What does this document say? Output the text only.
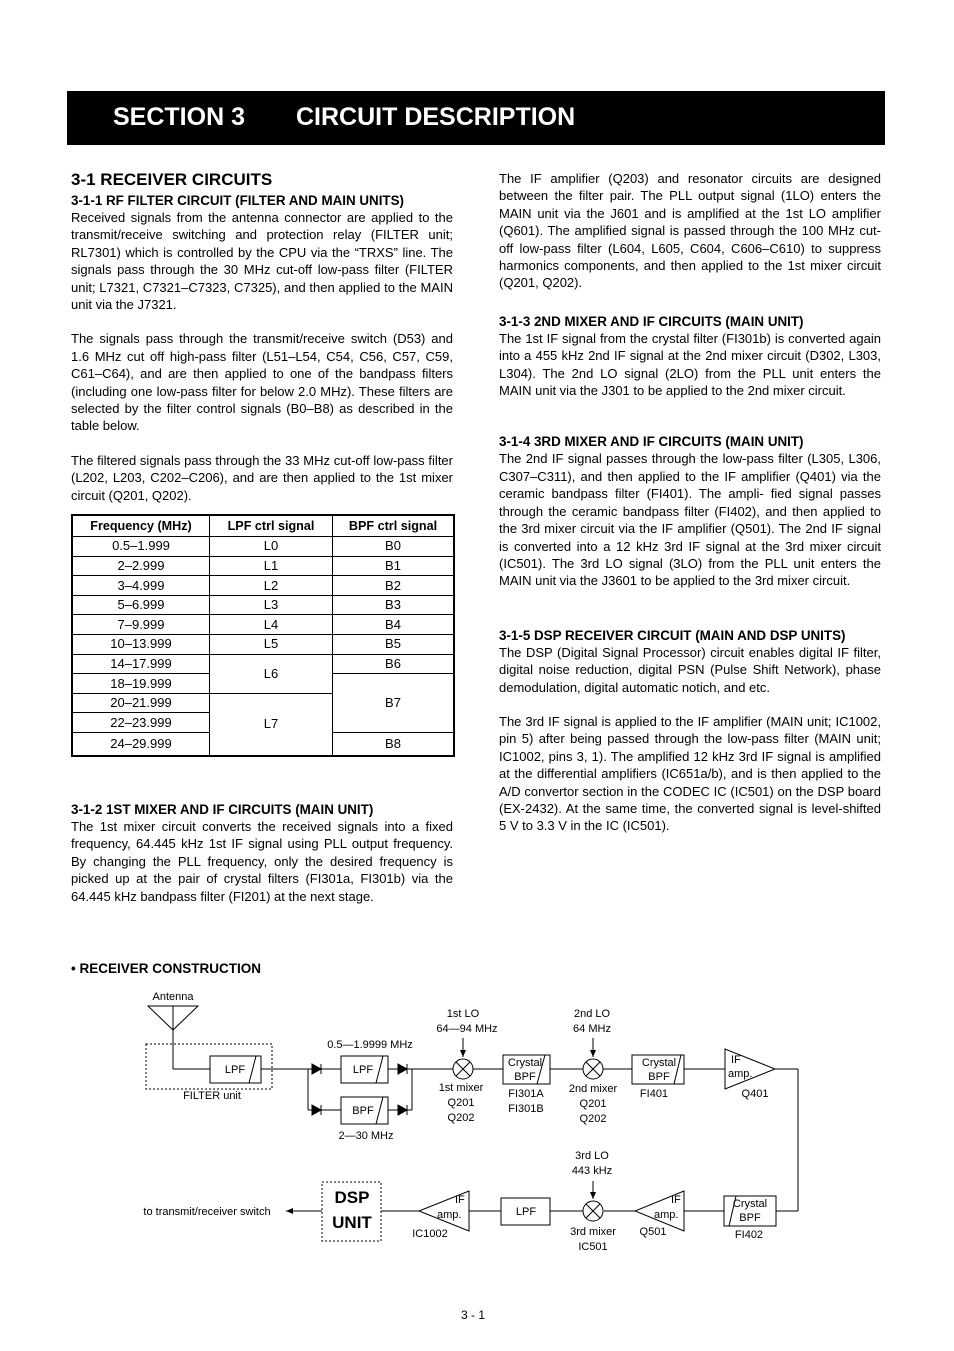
SECTION 3 CIRCUIT DESCRIPTION
3-1 RECEIVER CIRCUITS
3-1-1 RF FILTER CIRCUIT (FILTER AND MAIN UNITS)

Received signals from the antenna connector are applied to the transmit/receive switching and protection relay (FILTER unit; RL7301) which is controlled by the CPU via the “TRXS” line. The signals pass through the 30 MHz cut-off low-pass filter (FILTER unit; L7321, C7321–C7323, C7325), and then applied to the MAIN unit via the J7321.

The signals pass through the transmit/receive switch (D53) and 1.6 MHz cut off high-pass filter (L51–L54, C54, C56, C57, C59, C61–C64), and are then applied to one of the bandpass filters (including one low-pass filter for below 2.0 MHz). These filters are selected by the filter control signals (B0–B8) as described in the table below.

The filtered signals pass through the 33 MHz cut-off low-pass filter (L202, L203, C202–C206), and are then applied to the 1st mixer circuit (Q201, Q202).

Frequency (MHz)	LPF ctrl signal	BPF ctrl signal
0.5–1.999	L0	B0
2–2.999	L1	B1
3–4.999	L2	B2
5–6.999	L3	B3
7–9.999	L4	B4
10–13.999	L5	B5
14–17.999	L6	B6
18–19.999		B7
20–21.999	L7	
22–23.999		
24–29.999		B8
3-1-2 1ST MIXER AND IF CIRCUITS (MAIN UNIT)

The 1st mixer circuit converts the received signals into a fixed frequency, 64.445 kHz 1st IF signal using PLL output frequency. By changing the PLL frequency, only the desired frequency is picked up at the pair of crystal filters (FI301a, FI301b) via the 64.445 kHz bandpass filter (FI201) at the next stage.

The IF amplifier (Q203) and resonator circuits are designed between the filter pair. The PLL output signal (1LO) enters the MAIN unit via the J601 and is amplified at the 1st LO amplifier (Q601). The amplified signal is passed through the 100 MHz cut-off low-pass filter (L604, L605, C604, C606–C610) to suppress harmonics components, and then applied to the 1st mixer circuit (Q201, Q202).

3-1-3 2ND MIXER AND IF CIRCUITS (MAIN UNIT)

The 1st IF signal from the crystal filter (FI301b) is converted again into a 455 kHz 2nd IF signal at the 2nd mixer circuit (D302, L303, L304). The 2nd LO signal (2LO) from the PLL unit enters the MAIN unit via the J301 to be applied to the 2nd mixer circuit.

3-1-4 3RD MIXER AND IF CIRCUITS (MAIN UNIT)

The 2nd IF signal passes through the low-pass filter (L305, L306, C307–C311), and then applied to the IF amplifier (Q401) via the ceramic bandpass filter (FI401). The ampli- fied signal passes through the ceramic bandpass filter (FI402), and then applied to the 3rd mixer circuit via the IF amplifier (Q501). The 2nd IF signal is converted into a 12 kHz 3rd IF signal at the 3rd mixer circuit (IC501). The 3rd LO signal (3LO) from the PLL unit enters the MAIN unit via the J3601 to be applied to the 3rd mixer circuit.

3-1-5 DSP RECEIVER CIRCUIT (MAIN AND DSP UNITS)

The DSP (Digital Signal Processor) circuit enables digital IF filter, digital noise reduction, digital PSN (Pulse Shift Network), phase demodulation, digital automatic notich, and etc.

The 3rd IF signal is applied to the IF amplifier (MAIN unit; IC1002, pin 5) after being passed through the low-pass filter (MAIN unit; IC1002, pins 3, 1). The amplified 12 kHz 3rd IF signal is amplified at the differential amplifiers (IC651a/b), and is then applied to the A/D convertor section in the CODEC IC (IC501) on the DSP board (EX-2432). At the same time, the converted signal is level-shifted 5 V to 3.3 V in the IC (IC501).

• RECEIVER CONSTRUCTION
Antenna
FILTER unit
LPF
0.5—1.9999 MHz
LPF
BPF
2—30 MHz
1st LO
64—94 MHz
1st mixer
Q201
Q202
Crystal
BPF
FI301A
FI301B
2nd LO
64 MHz
2nd mixer
Q201
Q202
Crystal
BPF
FI401
IF
amp.
Q401
3rd LO
443 kHz
Crystal
BPF
FI402
IF
amp.
Q501
3rd mixer
IC501
LPF
IF
amp.
IC1002
to transmit/receiver switch
DSP
UNIT
3 - 1
